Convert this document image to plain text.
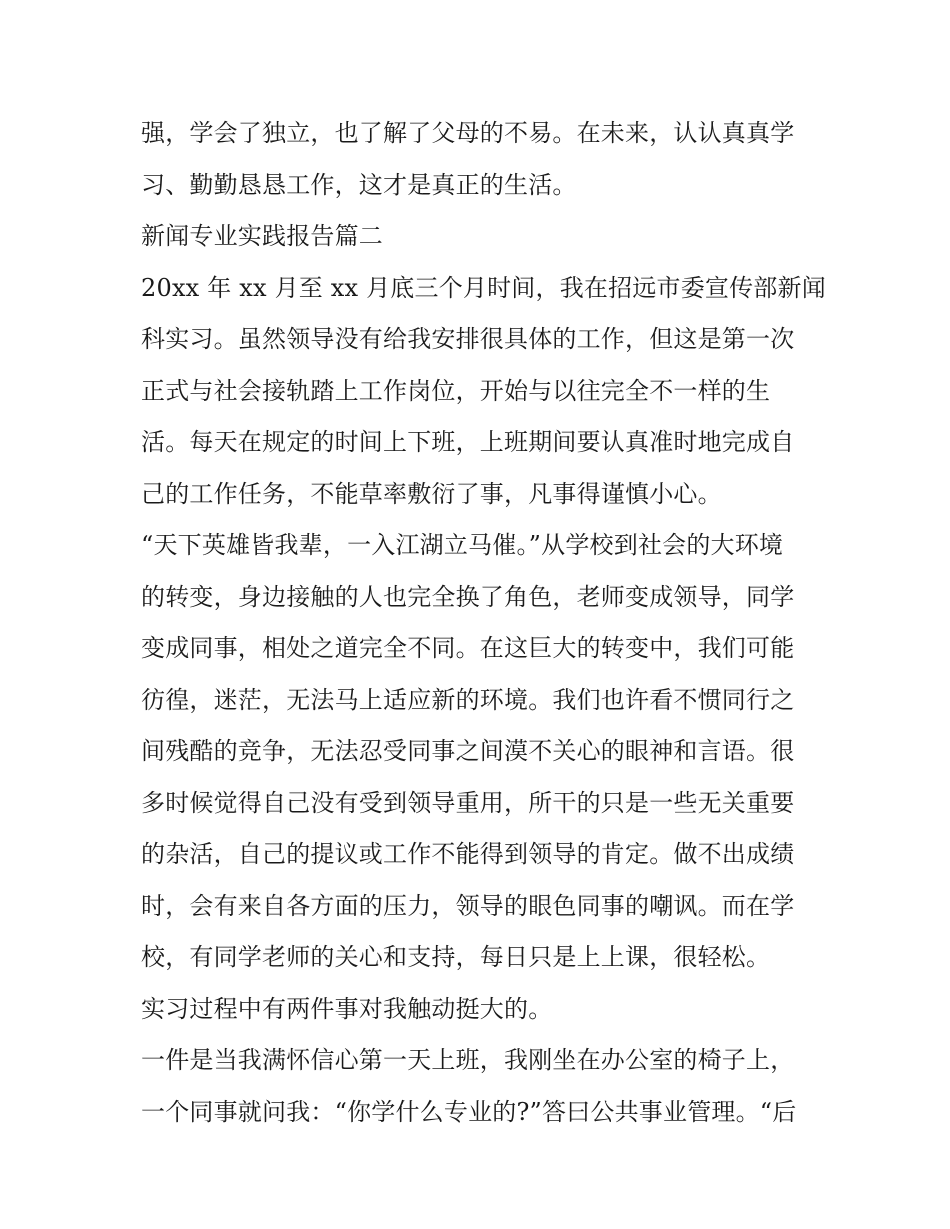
强，学会了独立，也了解了父母的不易。在未来，认认真真学
习、勤勤恳恳工作，这才是真正的生活。
新闻专业实践报告篇二
20xx 年 xx 月至 xx 月底三个月时间，我在招远市委宣传部新闻
科实习。虽然领导没有给我安排很具体的工作，但这是第一次
正式与社会接轨踏上工作岗位，开始与以往完全不一样的生
活。每天在规定的时间上下班，上班期间要认真准时地完成自
己的工作任务，不能草率敷衍了事，凡事得谨慎小心。
“天下英雄皆我辈，一入江湖立马催。”从学校到社会的大环境
的转变，身边接触的人也完全换了角色，老师变成领导，同学
变成同事，相处之道完全不同。在这巨大的转变中，我们可能
彷徨，迷茫，无法马上适应新的环境。我们也许看不惯同行之
间残酷的竞争，无法忍受同事之间漠不关心的眼神和言语。很
多时候觉得自己没有受到领导重用，所干的只是一些无关重要
的杂活，自己的提议或工作不能得到领导的肯定。做不出成绩
时，会有来自各方面的压力，领导的眼色同事的嘲讽。而在学
校，有同学老师的关心和支持，每日只是上上课，很轻松。
实习过程中有两件事对我触动挺大的。
一件是当我满怀信心第一天上班，我刚坐在办公室的椅子上，
一个同事就问我：“你学什么专业的?”答曰公共事业管理。“后
